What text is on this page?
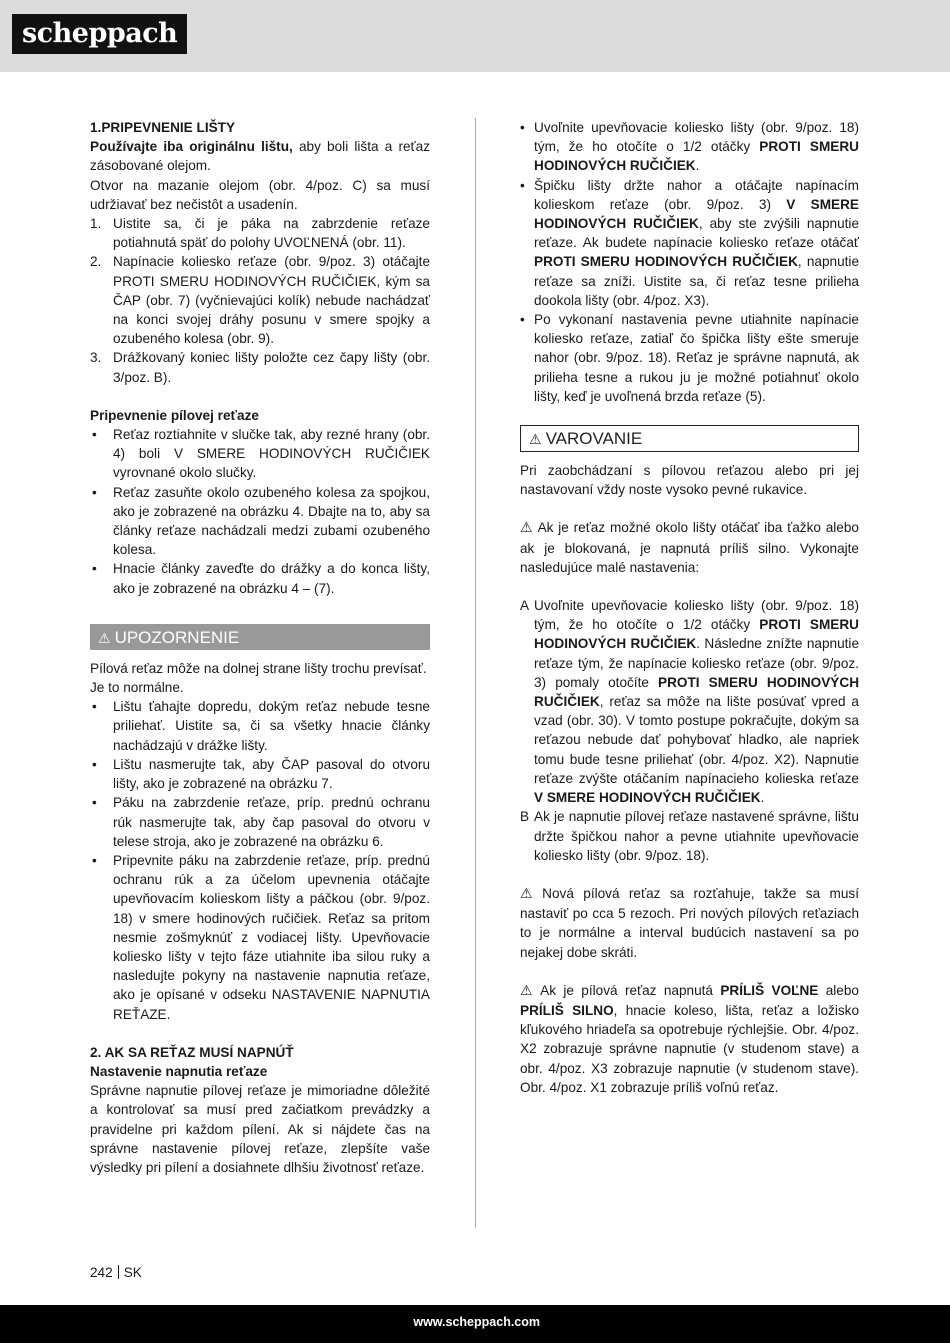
scheppach

1.PRIPEVNENIE LIŠTY

Používajte iba originálnu lištu, aby boli lišta a reťaz zásobované olejom.

Otvor na mazanie olejom (obr. 4/poz. C) sa musí udržiavať bez nečistôt a usadenín.

1. Uistite sa, či je páka na zabrzdenie reťaze potiahnutá späť do polohy UVOĽNENÁ (obr. 11).
2. Napínacie koliesko reťaze (obr. 9/poz. 3) otáčajte PROTI SMERU HODINOVÝCH RUČIČIEK, kým sa ČAP (obr. 7) (vyčnievajúci kolík) nebude nachádzať na konci svojej dráhy posunu v smere spojky a ozubeného kolesa (obr. 9).
3. Drážkovaný koniec lišty položte cez čapy lišty (obr. 3/poz. B).

Pripevnenie pílovej reťaze

• Reťaz roztiahnite v slučke tak, aby rezné hrany (obr. 4) boli V SMERE HODINOVÝCH RUČIČIEK vyrovnané okolo slučky.
• Reťaz zasuňte okolo ozubeného kolesa za spojkou, ako je zobrazené na obrázku 4. Dbajte na to, aby sa články reťaze nachádzali medzi zubami ozubeného kolesa.
• Hnacie články zaveďte do drážky a do konca lišty, ako je zobrazené na obrázku 4 – (7).
⚠ UPOZORNENIE

Pílová reťaz môže na dolnej strane lišty trochu prevísať.

Je to normálne.

• Lištu ťahajte dopredu, dokým reťaz nebude tesne priliehať. Uistite sa, či sa všetky hnacie články nachádzajú v drážke lišty.
• Lištu nasmerujte tak, aby ČAP pasoval do otvoru lišty, ako je zobrazené na obrázku 7.
• Páku na zabrzdenie reťaze, príp. prednú ochranu rúk nasmerujte tak, aby čap pasoval do otvoru v telese stroja, ako je zobrazené na obrázku 6.
• Pripevnite páku na zabrzdenie reťaze, príp. prednú ochranu rúk a za účelom upevnenia otáčajte upevňovacím kolieskom lišty a páčkou (obr. 9/poz. 18) v smere hodinových ručičiek. Reťaz sa pritom nesmie zošmyknúť z vodiacej lišty. Upevňovacie koliesko lišty v tejto fáze utiahnite iba silou ruky a nasledujte pokyny na nastavenie napnutia reťaze, ako je opísané v odseku NASTAVENIE NAPNUTIA REŤAZE.

2. AK SA REŤAZ MUSÍ NAPNÚŤ

Nastavenie napnutia reťaze

Správne napnutie pílovej reťaze je mimoriadne dôležité a kontrolovať sa musí pred začiatkom prevádzky a pravidelne pri každom pílení. Ak si nájdete čas na správne nastavenie pílovej reťaze, zlepšíte vaše výsledky pri pílení a dosiahnete dlhšiu životnosť reťaze.

• Uvoľnite upevňovacie koliesko lišty (obr. 9/poz. 18) tým, že ho otočíte o 1/2 otáčky PROTI SMERU HODINOVÝCH RUČIČIEK.
• Špičku lišty držte nahor a otáčajte napínacím kolieskom reťaze (obr. 9/poz. 3) V SMERE HODINOVÝCH RUČIČIEK, aby ste zvýšili napnutie reťaze. Ak budete napínacie koliesko reťaze otáčať PROTI SMERU HODINOVÝCH RUČIČIEK, napnutie reťaze sa zníži. Uistite sa, či reťaz tesne prilieha dookola lišty (obr. 4/poz. X3).
• Po vykonaní nastavenia pevne utiahnite napínacie koliesko reťaze, zatiaľ čo špička lišty ešte smeruje nahor (obr. 9/poz. 18). Reťaz je správne napnutá, ak prilieha tesne a rukou ju je možné potiahnuť okolo lišty, keď je uvoľnená brzda reťaze (5).
⚠ VAROVANIE

Pri zaobchádzaní s pílovou reťazou alebo pri jej nastavovaní vždy noste vysoko pevné rukavice.

⚠ Ak je reťaz možné okolo lišty otáčať iba ťažko alebo ak je blokovaná, je napnutá príliš silno. Vykonajte nasledujúce malé nastavenia:

A Uvoľnite upevňovacie koliesko lišty (obr. 9/poz. 18) tým, že ho otočíte o 1/2 otáčky PROTI SMERU HODINOVÝCH RUČIČIEK. Následne znížte napnutie reťaze tým, že napínacie koliesko reťaze (obr. 9/poz. 3) pomaly otočíte PROTI SMERU HODINOVÝCH RUČIČIEK, reťaz sa môže na lište posúvať vpred a vzad (obr. 30). V tomto postupe pokračujte, dokým sa reťazou nebude dať pohybovať hladko, ale napriek tomu bude tesne priliehať (obr. 4/poz. X2). Napnutie reťaze zvýšte otáčaním napínacieho kolieska reťaze V SMERE HODINOVÝCH RUČIČIEK.
B Ak je napnutie pílovej reťaze nastavené správne, lištu držte špičkou nahor a pevne utiahnite upevňovacie koliesko lišty (obr. 9/poz. 18).

⚠ Nová pílová reťaz sa rozťahuje, takže sa musí nastaviť po cca 5 rezoch. Pri nových pílových reťaziach to je normálne a interval budúcich nastavení sa po nejakej dobe skráti.

⚠ Ak je pílová reťaz napnutá PRÍLIŠ VOĽNE alebo PRÍLIŠ SILNO, hnacie koleso, lišta, reťaz a ložisko kľukového hriadeľa sa opotrebuje rýchlejšie. Obr. 4/poz. X2 zobrazuje správne napnutie (v studenom stave) a obr. 4/poz. X3 zobrazuje napnutie (v studenom stave). Obr. 4/poz. X1 zobrazuje príliš voľnú reťaz.

242 SK
www.scheppach.com
